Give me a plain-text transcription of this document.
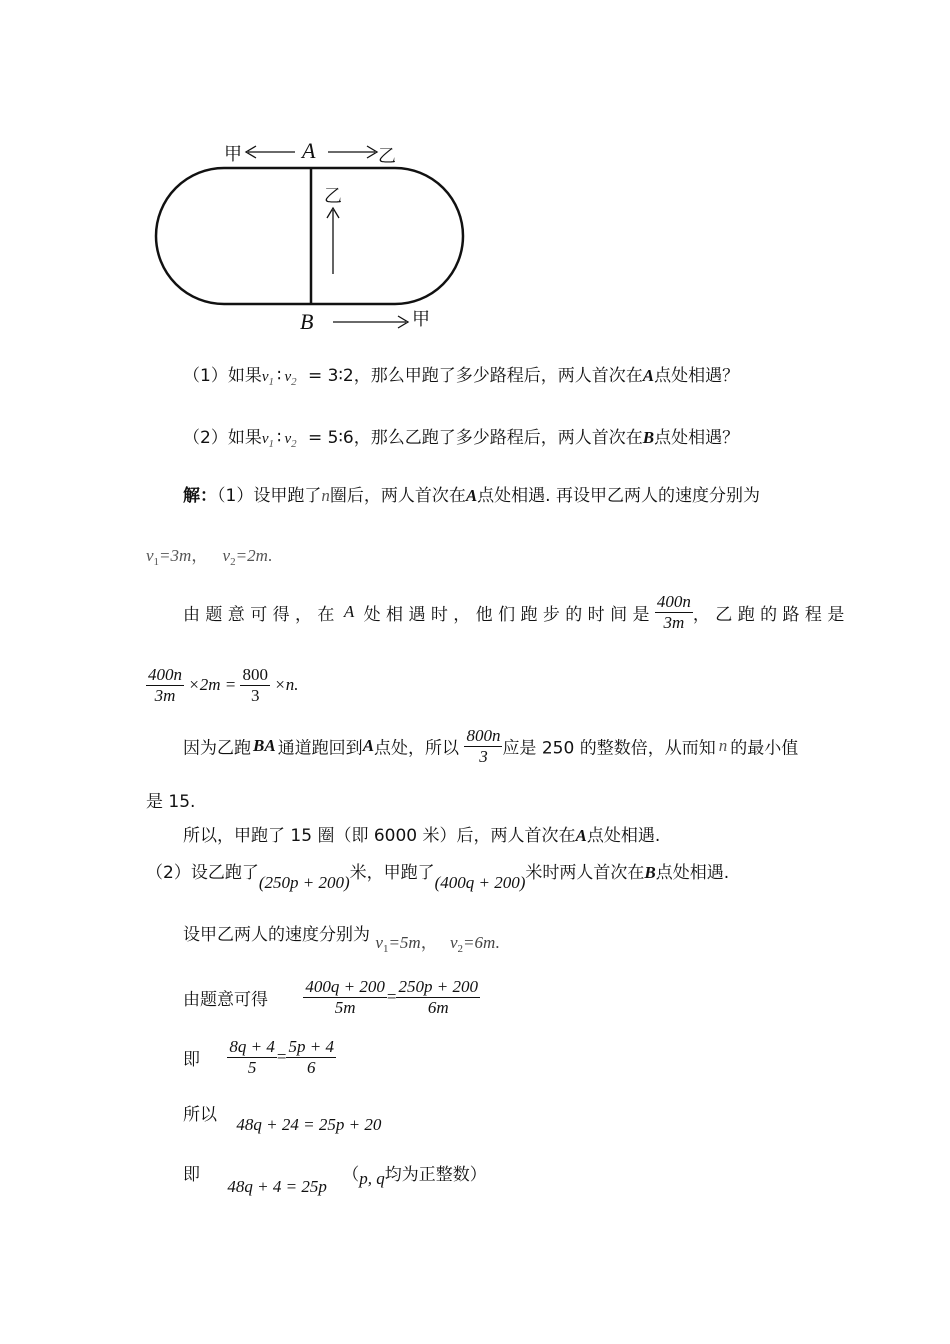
甲	A	乙
乙
B	甲
（1）如果$v_1$ ∶ $v_2$ = 3∶2，那么甲跑了多少路程后，两人首次在A点处相遇？
（2）如果$v_1$ ∶ $v_2$ = 5∶6，那么乙跑了多少路程后，两人首次在B点处相遇？
解：（1）设甲跑了n圈后，两人首次在A点处相遇. 再设甲乙两人的速度分别为
$v_1=3m$， $v_2=2m$.
由 题 意 可 得 ， 在 A 处 相 遇 时 ， 他 们 跑 步 的 时 间 是 $\frac{400n}{3m}$ ， 乙 跑 的 路 程 是
$\frac{400n}{3m} \times 2m = \frac{800}{3} \times n$.
因为乙跑 BA 通道跑回到A点处，所以 $\frac{800n}{3}$ 应是 250 的整数倍，从而知 n 的最小值
是 15.
所以，甲跑了 15 圈（即 6000 米）后，两人首次在A点处相遇.
（2）设乙跑了(250p + 200)米，甲跑了(400q + 200)米时两人首次在B点处相遇.
设甲乙两人的速度分别为 $v_1=5m$， $v_2=6m$.
由题意可得 $\frac{400q + 200}{5m} = \frac{250p + 200}{6m}$
即 $\frac{8q + 4}{5} = \frac{5p + 4}{6}$
所以 48q + 24 = 25p + 20
即 48q + 4 = 25p （p, q均为正整数）
